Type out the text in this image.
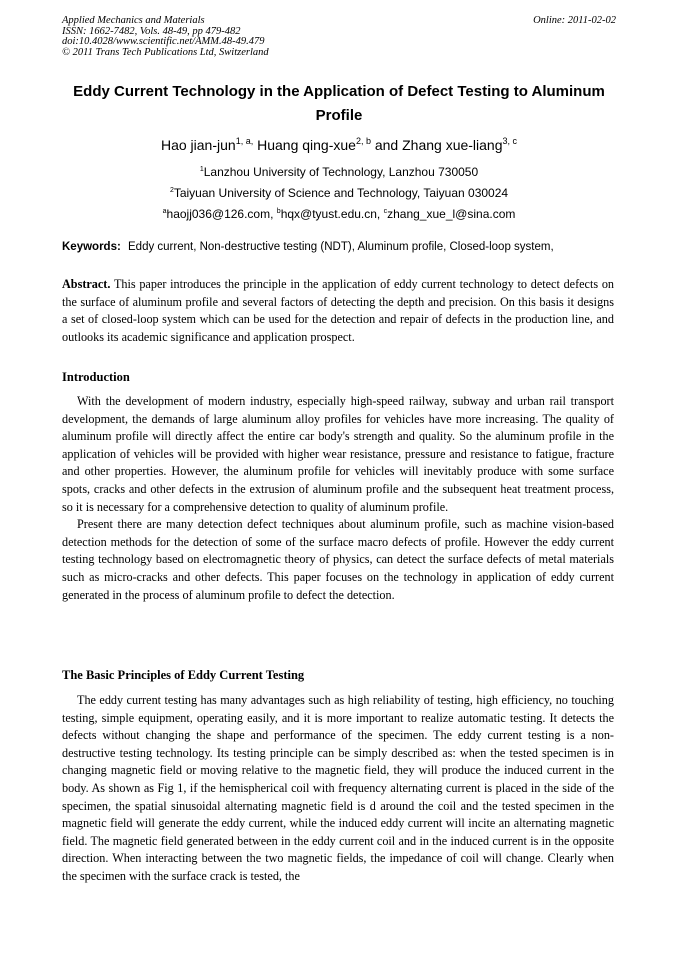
Applied Mechanics and Materials
ISSN: 1662-7482, Vols. 48-49, pp 479-482
doi:10.4028/www.scientific.net/AMM.48-49.479
© 2011 Trans Tech Publications Ltd, Switzerland
Online: 2011-02-02
Eddy Current Technology in the Application of Defect Testing to Aluminum Profile
Hao jian-jun$^{1, a,}$ Huang qing-xue$^{2, b}$ and Zhang xue-liang$^{3, c}$
$^1$Lanzhou University of Technology, Lanzhou 730050
$^2$Taiyuan University of Science and Technology, Taiyuan 030024
$^a$haojj036@126.com, $^b$hqx@tyust.edu.cn, $^c$zhang_xue_l@sina.com
Keywords: Eddy current, Non-destructive testing (NDT), Aluminum profile, Closed-loop system,

Abstract. This paper introduces the principle in the application of eddy current technology to detect defects on the surface of aluminum profile and several factors of detecting the depth and precision. On this basis it designs a set of closed-loop system which can be used for the detection and repair of defects in the production line, and outlooks its academic significance and application prospect.

Introduction

With the development of modern industry, especially high-speed railway, subway and urban rail transport development, the demands of large aluminum alloy profiles for vehicles have more increasing. The quality of aluminum profile will directly affect the entire car body's strength and quality. So the aluminum profile in the application of vehicles will be provided with higher wear resistance, pressure and resistance to fatigue, fracture and other properties. However, the aluminum profile for vehicles will inevitably produce with some surface spots, cracks and other defects in the extrusion of aluminum profile and the subsequent heat treatment process, so it is necessary for a comprehensive detection to quality of aluminum profile.

Present there are many detection defect techniques about aluminum profile, such as machine vision-based detection methods for the detection of some of the surface macro defects of profile. However the eddy current testing technology based on electromagnetic theory of physics, can detect the surface defects of metal materials such as micro-cracks and other defects. This paper focuses on the technology in application of eddy current generated in the process of aluminum profile to defect the detection.

The Basic Principles of Eddy Current Testing

The eddy current testing has many advantages such as high reliability of testing, high efficiency, no touching testing, simple equipment, operating easily, and it is more important to realize automatic testing. It detects the defects without changing the shape and performance of the specimen. The eddy current testing is a non-destructive testing technology. Its testing principle can be simply described as: when the tested specimen is in changing magnetic field or moving relative to the magnetic field, they will produce the induced current in the body. As shown as Fig 1, if the hemispherical coil with frequency alternating current is placed in the side of the specimen, the spatial sinusoidal alternating magnetic field is d around the coil and the tested specimen in the magnetic field will generate the eddy current, while the induced eddy current will incite an alternating magnetic field. The magnetic field generated between in the eddy current coil and in the induced current is in the opposite direction. When interacting between the two magnetic fields, the impedance of coil will change. Clearly when the specimen with the surface crack is tested, the
